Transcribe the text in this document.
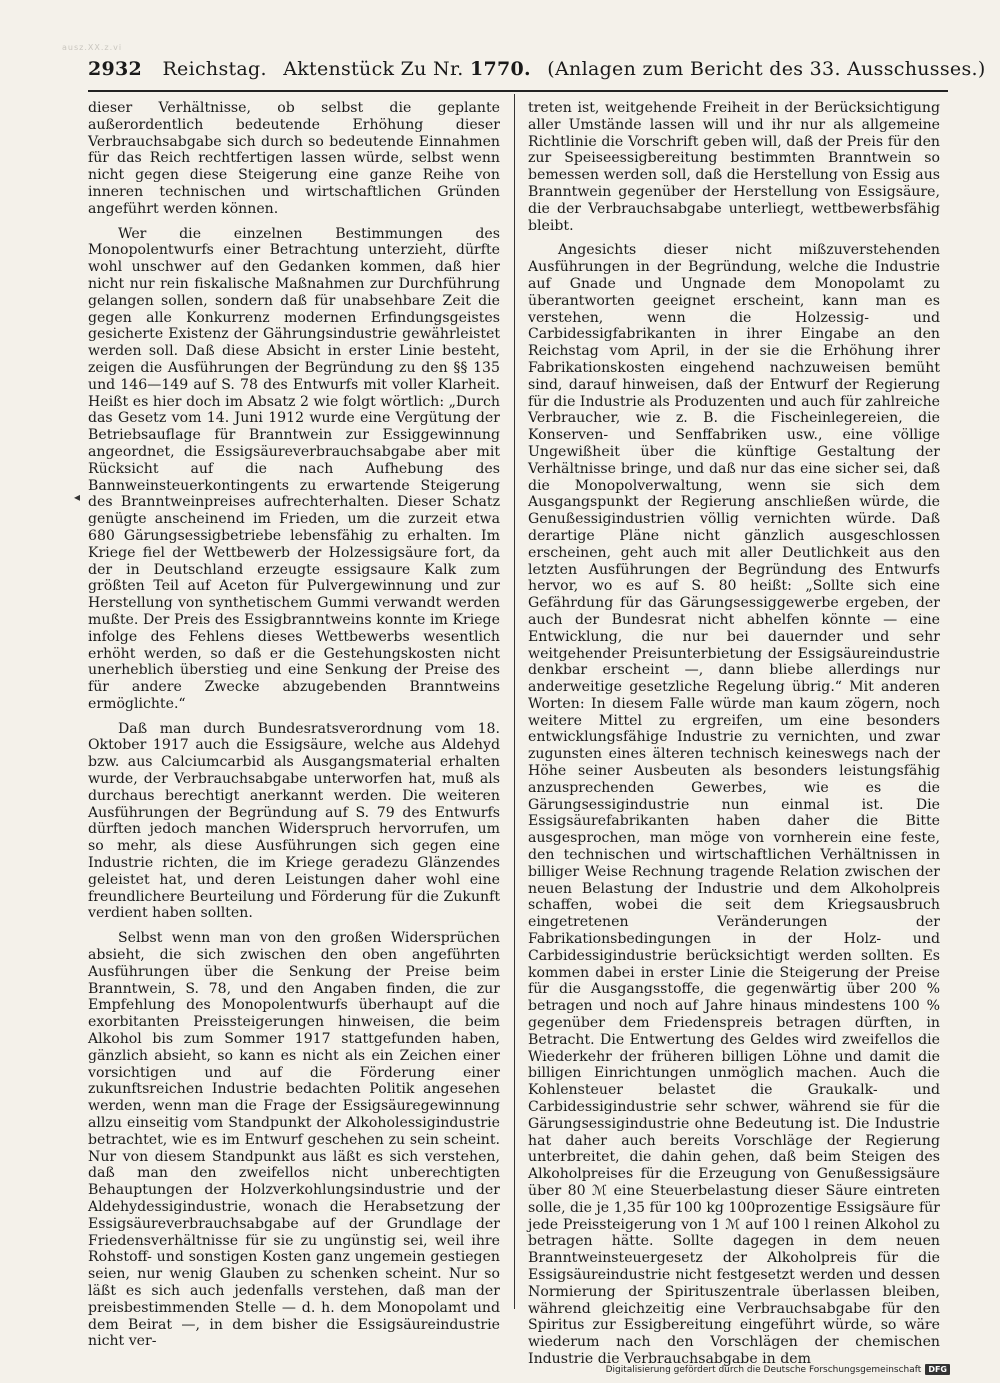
ausz.XX.z.vi
2932 Reichstag. Aktenstück Zu Nr. 1770. (Anlagen zum Bericht des 33. Ausschusses.)
◂

dieser Verhältnisse, ob selbst die geplante außerordentlich bedeutende Erhöhung dieser Verbrauchsabgabe sich durch so bedeutende Einnahmen für das Reich rechtfertigen lassen würde, selbst wenn nicht gegen diese Steigerung eine ganze Reihe von inneren technischen und wirtschaftlichen Gründen angeführt werden können.

Wer die einzelnen Bestimmungen des Monopolentwurfs einer Betrachtung unterzieht, dürfte wohl unschwer auf den Gedanken kommen, daß hier nicht nur rein fiskalische Maßnahmen zur Durchführung gelangen sollen, sondern daß für unabsehbare Zeit die gegen alle Konkurrenz modernen Erfindungsgeistes gesicherte Existenz der Gährungsindustrie gewährleistet werden soll. Daß diese Absicht in erster Linie besteht, zeigen die Ausführungen der Begründung zu den §§ 135 und 146—149 auf S. 78 des Entwurfs mit voller Klarheit. Heißt es hier doch im Absatz 2 wie folgt wörtlich: „Durch das Gesetz vom 14. Juni 1912 wurde eine Vergütung der Betriebsauflage für Branntwein zur Essiggewinnung angeordnet, die Essigsäureverbrauchsabgabe aber mit Rücksicht auf die nach Aufhebung des Bannweinsteuerkontingents zu erwartende Steigerung des Branntweinpreises aufrechterhalten. Dieser Schatz genügte anscheinend im Frieden, um die zurzeit etwa 680 Gärungsessigbetriebe lebensfähig zu erhalten. Im Kriege fiel der Wettbewerb der Holzessigsäure fort, da der in Deutschland erzeugte essigsaure Kalk zum größten Teil auf Aceton für Pulvergewinnung und zur Herstellung von synthetischem Gummi verwandt werden mußte. Der Preis des Essigbranntweins konnte im Kriege infolge des Fehlens dieses Wettbewerbs wesentlich erhöht werden, so daß er die Gestehungskosten nicht unerheblich überstieg und eine Senkung der Preise des für andere Zwecke abzugebenden Branntweins ermöglichte.“

Daß man durch Bundesratsverordnung vom 18. Oktober 1917 auch die Essigsäure, welche aus Aldehyd bzw. aus Calciumcarbid als Ausgangsmaterial erhalten wurde, der Verbrauchsabgabe unterworfen hat, muß als durchaus berechtigt anerkannt werden. Die weiteren Ausführungen der Begründung auf S. 79 des Entwurfs dürften jedoch manchen Widerspruch hervorrufen, um so mehr, als diese Ausführungen sich gegen eine Industrie richten, die im Kriege geradezu Glänzendes geleistet hat, und deren Leistungen daher wohl eine freundlichere Beurteilung und Förderung für die Zukunft verdient haben sollten.

Selbst wenn man von den großen Widersprüchen absieht, die sich zwischen den oben angeführten Ausführungen über die Senkung der Preise beim Branntwein, S. 78, und den Angaben finden, die zur Empfehlung des Monopolentwurfs überhaupt auf die exorbitanten Preissteigerungen hinweisen, die beim Alkohol bis zum Sommer 1917 stattgefunden haben, gänzlich absieht, so kann es nicht als ein Zeichen einer vorsichtigen und auf die Förderung einer zukunftsreichen Industrie bedachten Politik angesehen werden, wenn man die Frage der Essigsäuregewinnung allzu einseitig vom Standpunkt der Alkoholessigindustrie betrachtet, wie es im Entwurf geschehen zu sein scheint. Nur von diesem Standpunkt aus läßt es sich verstehen, daß man den zweifellos nicht unberechtigten Behauptungen der Holzverkohlungsindustrie und der Aldehydessigindustrie, wonach die Herabsetzung der Essigsäureverbrauchsabgabe auf der Grundlage der Friedensverhältnisse für sie zu ungünstig sei, weil ihre Rohstoff- und sonstigen Kosten ganz ungemein gestiegen seien, nur wenig Glauben zu schenken scheint. Nur so läßt es sich auch jedenfalls verstehen, daß man der preisbestimmenden Stelle — d. h. dem Monopolamt und dem Beirat —, in dem bisher die Essigsäureindustrie nicht ver-

treten ist, weitgehende Freiheit in der Berücksichtigung aller Umstände lassen will und ihr nur als allgemeine Richtlinie die Vorschrift geben will, daß der Preis für den zur Speiseessigbereitung bestimmten Branntwein so bemessen werden soll, daß die Herstellung von Essig aus Branntwein gegenüber der Herstellung von Essigsäure, die der Verbrauchsabgabe unterliegt, wettbewerbsfähig bleibt.

Angesichts dieser nicht mißzuverstehenden Ausführungen in der Begründung, welche die Industrie auf Gnade und Ungnade dem Monopolamt zu überantworten geeignet erscheint, kann man es verstehen, wenn die Holzessig- und Carbidessigfabrikanten in ihrer Eingabe an den Reichstag vom April, in der sie die Erhöhung ihrer Fabrikationskosten eingehend nachzuweisen bemüht sind, darauf hinweisen, daß der Entwurf der Regierung für die Industrie als Produzenten und auch für zahlreiche Verbraucher, wie z. B. die Fischeinlegereien, die Konserven- und Senffabriken usw., eine völlige Ungewißheit über die künftige Gestaltung der Verhältnisse bringe, und daß nur das eine sicher sei, daß die Monopolverwaltung, wenn sie sich dem Ausgangspunkt der Regierung anschließen würde, die Genußessigindustrien völlig vernichten würde. Daß derartige Pläne nicht gänzlich ausgeschlossen erscheinen, geht auch mit aller Deutlichkeit aus den letzten Ausführungen der Begründung des Entwurfs hervor, wo es auf S. 80 heißt: „Sollte sich eine Gefährdung für das Gärungsessiggewerbe ergeben, der auch der Bundesrat nicht abhelfen könnte — eine Entwicklung, die nur bei dauernder und sehr weitgehender Preisunterbietung der Essigsäureindustrie denkbar erscheint —, dann bliebe allerdings nur anderweitige gesetzliche Regelung übrig.“ Mit anderen Worten: In diesem Falle würde man kaum zögern, noch weitere Mittel zu ergreifen, um eine besonders entwicklungsfähige Industrie zu vernichten, und zwar zugunsten eines älteren technisch keineswegs nach der Höhe seiner Ausbeuten als besonders leistungsfähig anzusprechenden Gewerbes, wie es die Gärungsessigindustrie nun einmal ist. Die Essigsäurefabrikanten haben daher die Bitte ausgesprochen, man möge von vornherein eine feste, den technischen und wirtschaftlichen Verhältnissen in billiger Weise Rechnung tragende Relation zwischen der neuen Belastung der Industrie und dem Alkoholpreis schaffen, wobei die seit dem Kriegsausbruch eingetretenen Veränderungen der Fabrikationsbedingungen in der Holz- und Carbidessigindustrie berücksichtigt werden sollten. Es kommen dabei in erster Linie die Steigerung der Preise für die Ausgangsstoffe, die gegenwärtig über 200 % betragen und noch auf Jahre hinaus mindestens 100 % gegenüber dem Friedenspreis betragen dürften, in Betracht. Die Entwertung des Geldes wird zweifellos die Wiederkehr der früheren billigen Löhne und damit die billigen Einrichtungen unmöglich machen. Auch die Kohlensteuer belastet die Graukalk- und Carbidessigindustrie sehr schwer, während sie für die Gärungsessigindustrie ohne Bedeutung ist. Die Industrie hat daher auch bereits Vorschläge der Regierung unterbreitet, die dahin gehen, daß beim Steigen des Alkoholpreises für die Erzeugung von Genußessigsäure über 80 ℳ eine Steuerbelastung dieser Säure eintreten solle, die je 1,35 für 100 kg 100prozentige Essigsäure für jede Preissteigerung von 1 ℳ auf 100 l reinen Alkohol zu betragen hätte. Sollte dagegen in dem neuen Branntweinsteuergesetz der Alkoholpreis für die Essigsäureindustrie nicht festgesetzt werden und dessen Normierung der Spirituszentrale überlassen bleiben, während gleichzeitig eine Verbrauchsabgabe für den Spiritus zur Essigbereitung eingeführt würde, so wäre wiederum nach den Vorschlägen der chemischen Industrie die Verbrauchsabgabe in dem

Digitalisierung gefördert durch die Deutsche Forschungsgemeinschaft DFG
